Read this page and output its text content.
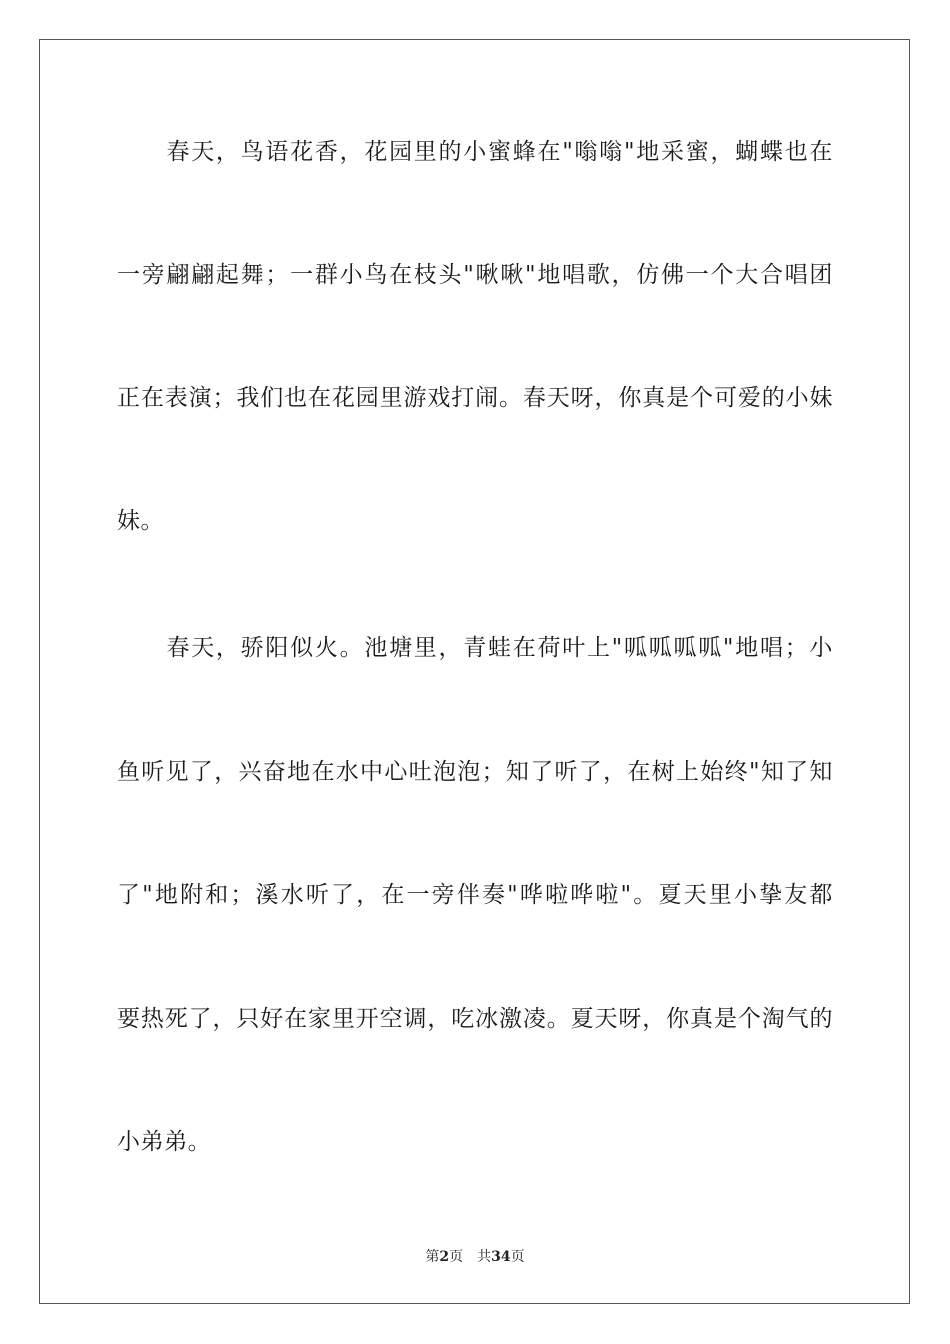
　　春天，鸟语花香，花园里的小蜜蜂在"嗡嗡"地采蜜，蝴蝶也在
一旁翩翩起舞；一群小鸟在枝头"啾啾"地唱歌，仿佛一个大合唱团
正在表演；我们也在花园里游戏打闹。春天呀，你真是个可爱的小妹
妹。
　　春天，骄阳似火。池塘里，青蛙在荷叶上"呱呱呱呱"地唱；小
鱼听见了，兴奋地在水中心吐泡泡；知了听了，在树上始终"知了知
了"地附和；溪水听了，在一旁伴奏"哗啦哗啦"。夏天里小挚友都
要热死了，只好在家里开空调，吃冰激凌。夏天呀，你真是个淘气的
小弟弟。
第2页 共34页
